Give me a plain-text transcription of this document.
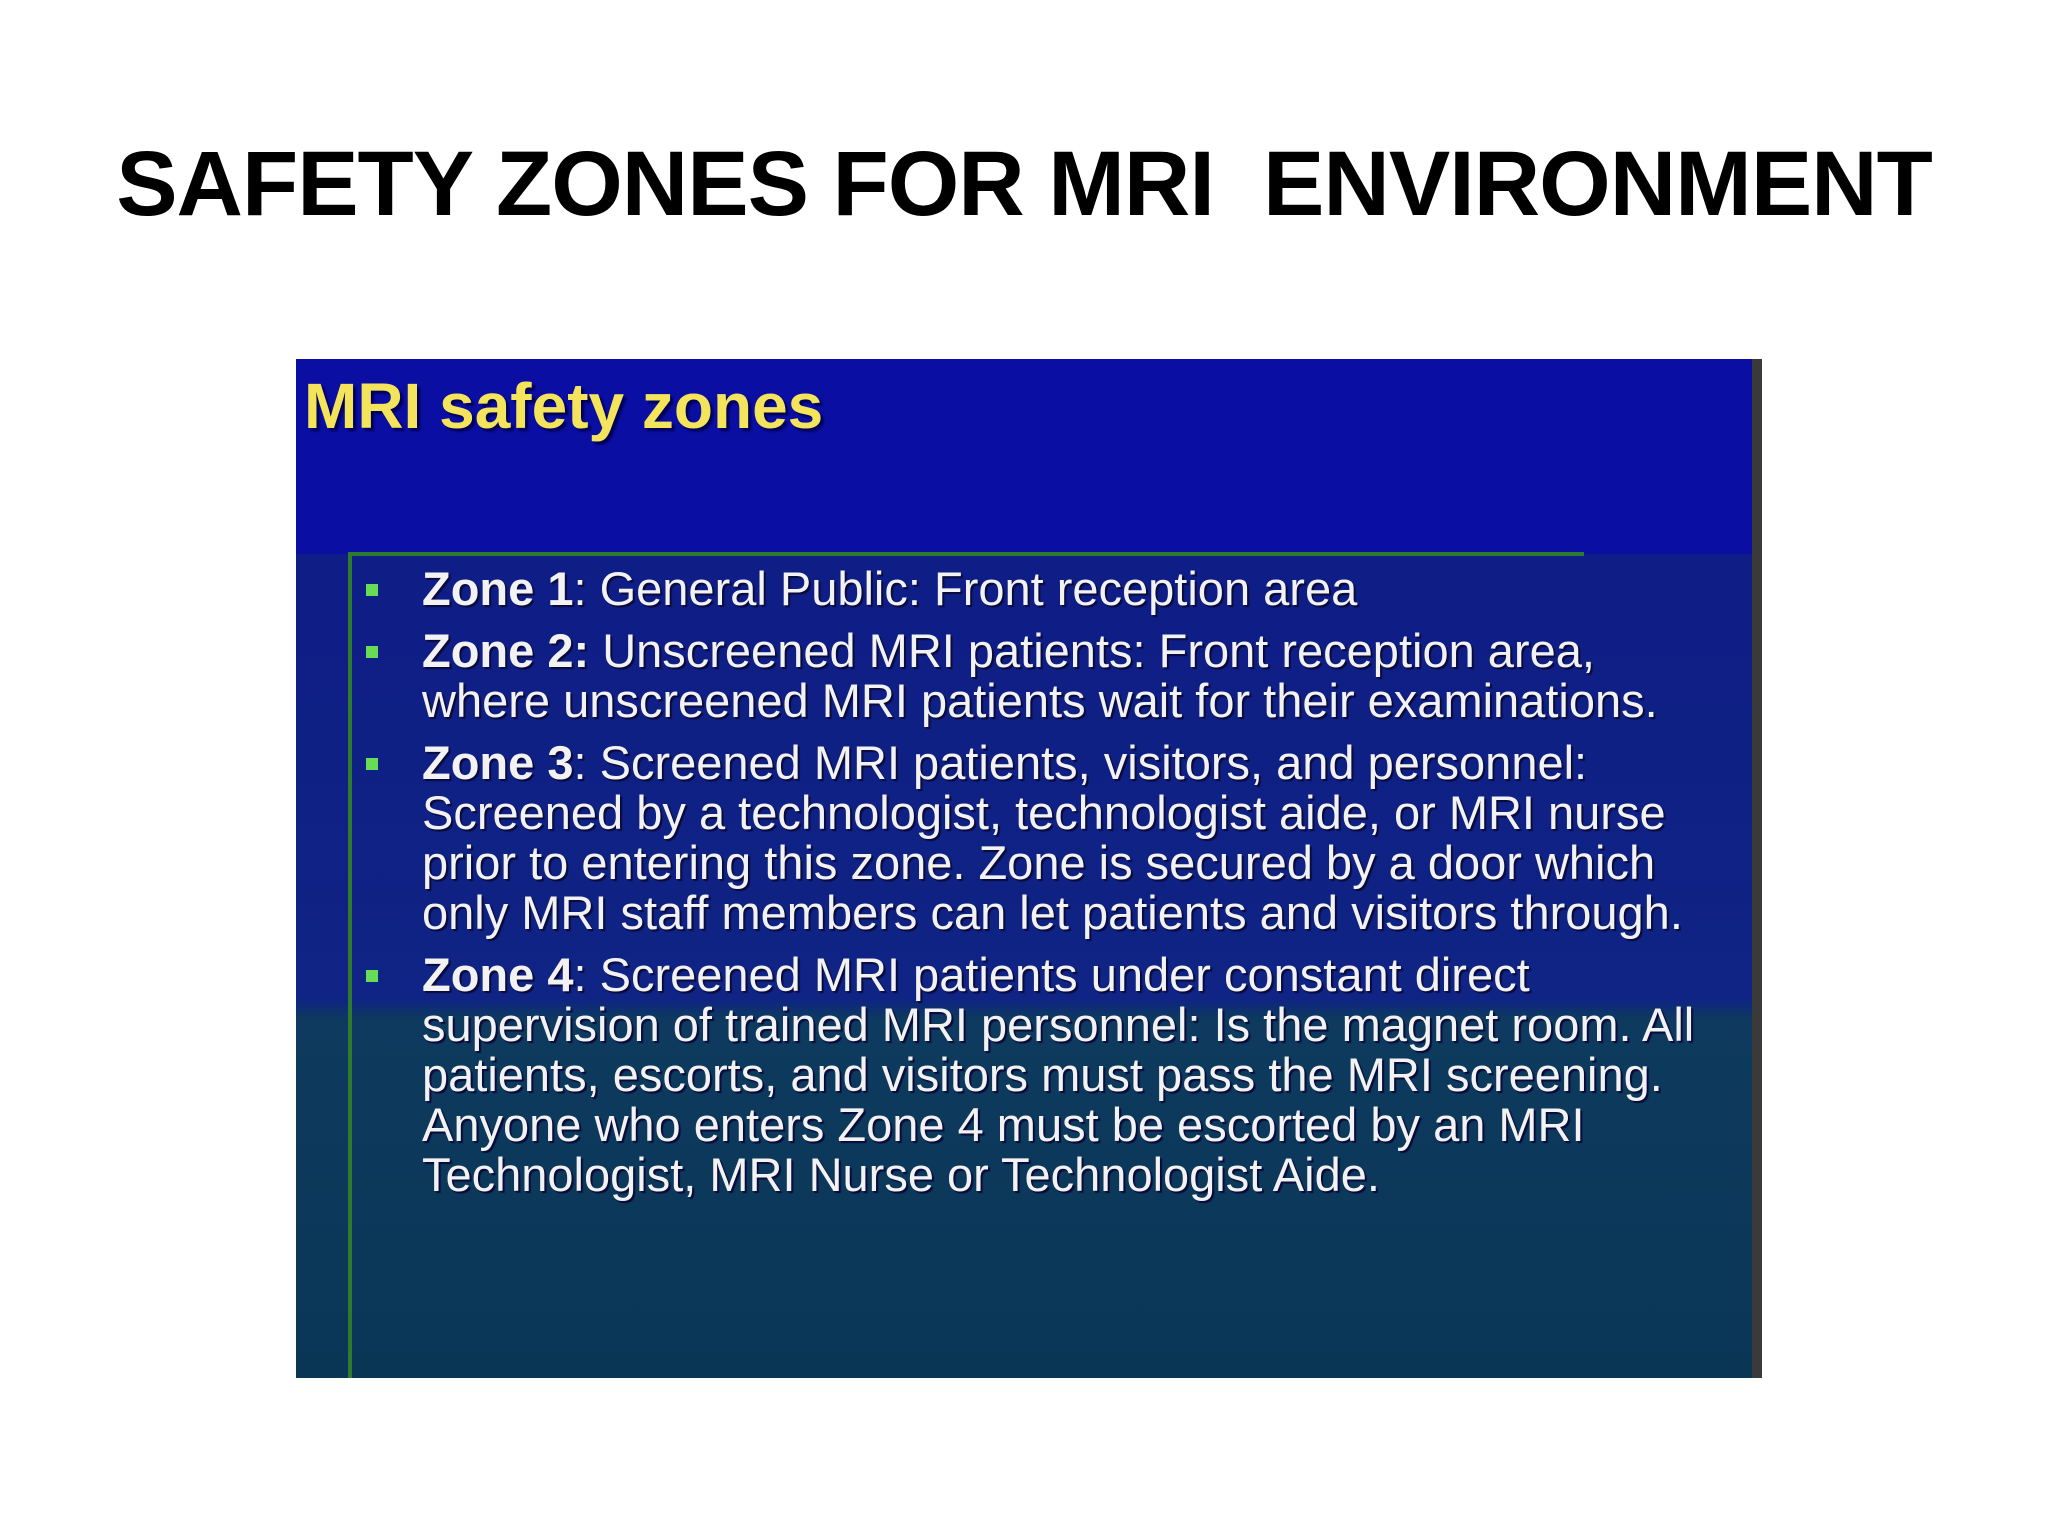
SAFETY ZONES FOR MRI  ENVIRONMENT
MRI safety zones
Zone 1: General Public: Front reception area
Zone 2: Unscreened MRI patients: Front reception area, where unscreened MRI patients wait for their examinations.
Zone 3: Screened MRI patients, visitors, and personnel: Screened by a technologist, technologist aide, or MRI nurse prior to entering this zone. Zone is secured by a door which only MRI staff members can let patients and visitors through.
Zone 4: Screened MRI patients under constant direct supervision of trained MRI personnel: Is the magnet room. All patients, escorts, and visitors must pass the MRI screening. Anyone who enters Zone 4 must be escorted by an MRI Technologist, MRI Nurse or Technologist Aide.
